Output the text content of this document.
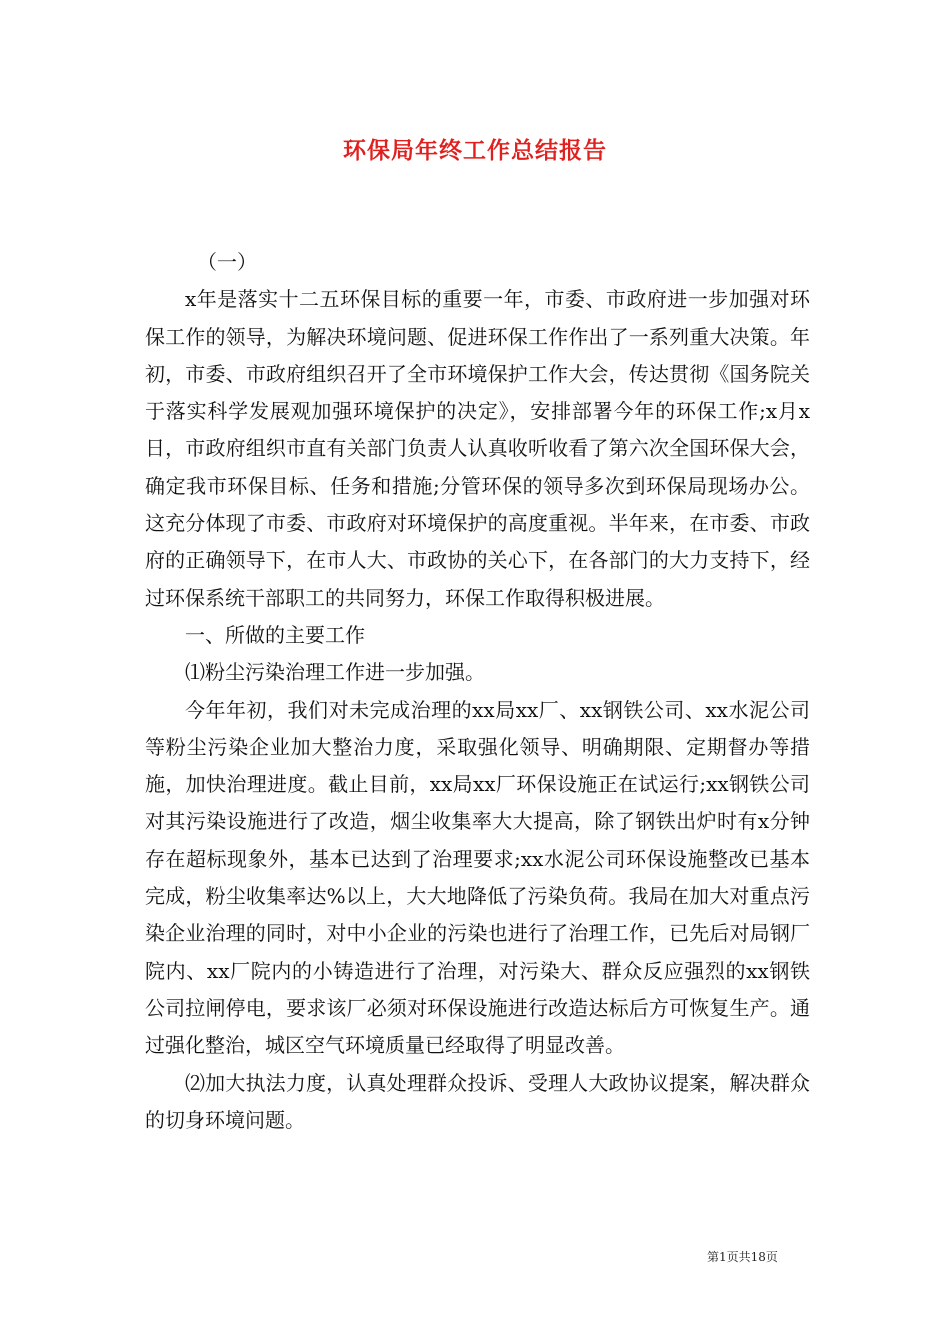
环保局年终工作总结报告

（一）

x年是落实十二五环保目标的重要一年，市委、市政府进一步加强对环保工作的领导，为解决环境问题、促进环保工作作出了一系列重大决策。年初，市委、市政府组织召开了全市环境保护工作大会，传达贯彻《国务院关于落实科学发展观加强环境保护的决定》，安排部署今年的环保工作;x月x日，市政府组织市直有关部门负责人认真收听收看了第六次全国环保大会，确定我市环保目标、任务和措施;分管环保的领导多次到环保局现场办公。这充分体现了市委、市政府对环境保护的高度重视。半年来，在市委、市政府的正确领导下，在市人大、市政协的关心下，在各部门的大力支持下，经过环保系统干部职工的共同努力，环保工作取得积极进展。

一、所做的主要工作

⑴粉尘污染治理工作进一步加强。

今年年初，我们对未完成治理的xx局xx厂、xx钢铁公司、xx水泥公司等粉尘污染企业加大整治力度，采取强化领导、明确期限、定期督办等措施，加快治理进度。截止目前，xx局xx厂环保设施正在试运行;xx钢铁公司对其污染设施进行了改造，烟尘收集率大大提高，除了钢铁出炉时有x分钟存在超标现象外，基本已达到了治理要求;xx水泥公司环保设施整改已基本完成，粉尘收集率达%以上，大大地降低了污染负荷。我局在加大对重点污染企业治理的同时，对中小企业的污染也进行了治理工作，已先后对局钢厂院内、xx厂院内的小铸造进行了治理，对污染大、群众反应强烈的xx钢铁公司拉闸停电，要求该厂必须对环保设施进行改造达标后方可恢复生产。通过强化整治，城区空气环境质量已经取得了明显改善。

⑵加大执法力度，认真处理群众投诉、受理人大政协议提案，解决群众的切身环境问题。

第1页共18页
